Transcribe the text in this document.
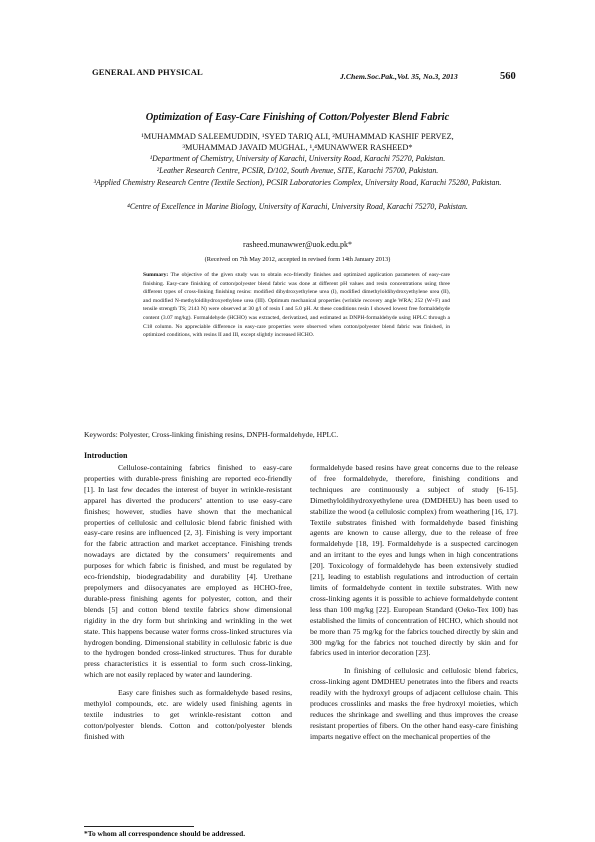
GENERAL AND PHYSICAL	J.Chem.Soc.Pak.,Vol. 35, No.3, 2013	560
Optimization of Easy-Care Finishing of Cotton/Polyester Blend Fabric
¹MUHAMMAD SALEEMUDDIN, ¹SYED TARIQ ALI, ²MUHAMMAD KASHIF PERVEZ,
³MUHAMMAD JAVAID MUGHAL, ¹,⁴MUNAWWER RASHEED*
¹Department of Chemistry, University of Karachi, University Road, Karachi 75270, Pakistan.
²Leather Research Centre, PCSIR, D/102, South Avenue, SITE, Karachi 75700, Pakistan.
³Applied Chemistry Research Centre (Textile Section), PCSIR Laboratories Complex, University Road, Karachi 75280, Pakistan.
⁴Centre of Excellence in Marine Biology, University of Karachi, University Road, Karachi 75270, Pakistan.
rasheed.munawwer@uok.edu.pk*
(Received on 7th May 2012, accepted in revised form 14th January 2013)
Summary: The objective of the given study was to obtain eco-friendly finishes and optimized application parameters of easy-care finishing. Easy-care finishing of cotton/polyester blend fabric was done at different pH values and resin concentrations using three different types of cross-linking finishing resins: modified dihydroxyethylene urea (I), modified dimethyloldihydroxyethylene urea (II), and modified N-methyloldihydroxyethylene urea (III). Optimum mechanical properties (wrinkle recovery angle WRA; 252 (W+F) and tensile strength TS; 2143 N) were observed at 30 g/l of resin I and 5.0 pH. At these conditions resin I showed lowest free formaldehyde content (3.07 mg/kg). Formaldehyde (HCHO) was extracted, derivatized, and estimated as DNPH-formaldehyde using HPLC through a C18 column. No appreciable difference in easy-care properties were observed when cotton/polyester blend fabric was finished, in optimized conditions, with resins II and III, except slightly increased HCHO.
Keywords: Polyester, Cross-linking finishing resins, DNPH-formaldehyde, HPLC.
Introduction

Cellulose-containing fabrics finished to easy-care properties with durable-press finishing are reported eco-friendly [1]. In last few decades the interest of buyer in wrinkle-resistant apparel has diverted the producers’ attention to use easy-care finishes; however, studies have shown that the mechanical properties of cellulosic and cellulosic blend fabric finished with easy-care resins are influenced [2, 3]. Finishing is very important for the fabric attraction and market acceptance. Finishing trends nowadays are dictated by the consumers’ requirements and purposes for which fabric is finished, and must be regulated by eco-friendship, biodegradability and durability [4]. Urethane prepolymers and diisocyanates are employed as HCHO-free, durable-press finishing agents for polyester, cotton, and their blends [5] and cotton blend textile fabrics show dimensional rigidity in the dry form but shrinking and wrinkling in the wet state. This happens because water forms cross-linked structures via hydrogen bonding. Dimensional stability in cellulosic fabric is due to the hydrogen bonded cross-linked structures. Thus for durable press characteristics it is essential to form such cross-linking, which are not easily replaced by water and laundering.

Easy care finishes such as formaldehyde based resins, methylol compounds, etc. are widely used finishing agents in textile industries to get wrinkle-resistant cotton and cotton/polyester blends. Cotton and cotton/polyester blends finished with

formaldehyde based resins have great concerns due to the release of free formaldehyde, therefore, finishing conditions and techniques are continuously a subject of study [6-15]. Dimethyloldihydroxyethylene urea (DMDHEU) has been used to stabilize the wood (a cellulosic complex) from weathering [16, 17]. Textile substrates finished with formaldehyde based finishing agents are known to cause allergy, due to the release of free formaldehyde [18, 19]. Formaldehyde is a suspected carcinogen and an irritant to the eyes and lungs when in high concentrations [20]. Toxicology of formaldehyde has been extensively studied [21], leading to establish regulations and introduction of certain limits of formaldehyde content in textile substrates. With new cross-linking agents it is possible to achieve formaldehyde content less than 100 mg/kg [22]. European Standard (Oeko-Tex 100) has established the limits of concentration of HCHO, which should not be more than 75 mg/kg for the fabrics touched directly by skin and 300 mg/kg for the fabrics not touched directly by skin and for fabrics used in interior decoration [23].

In finishing of cellulosic and cellulosic blend fabrics, cross-linking agent DMDHEU penetrates into the fibers and reacts readily with the hydroxyl groups of adjacent cellulose chain. This produces crosslinks and masks the free hydroxyl moieties, which reduces the shrinkage and swelling and thus improves the crease resistant properties of fibers. On the other hand easy-care finishing imparts negative effect on the mechanical properties of the

*To whom all correspondence should be addressed.
